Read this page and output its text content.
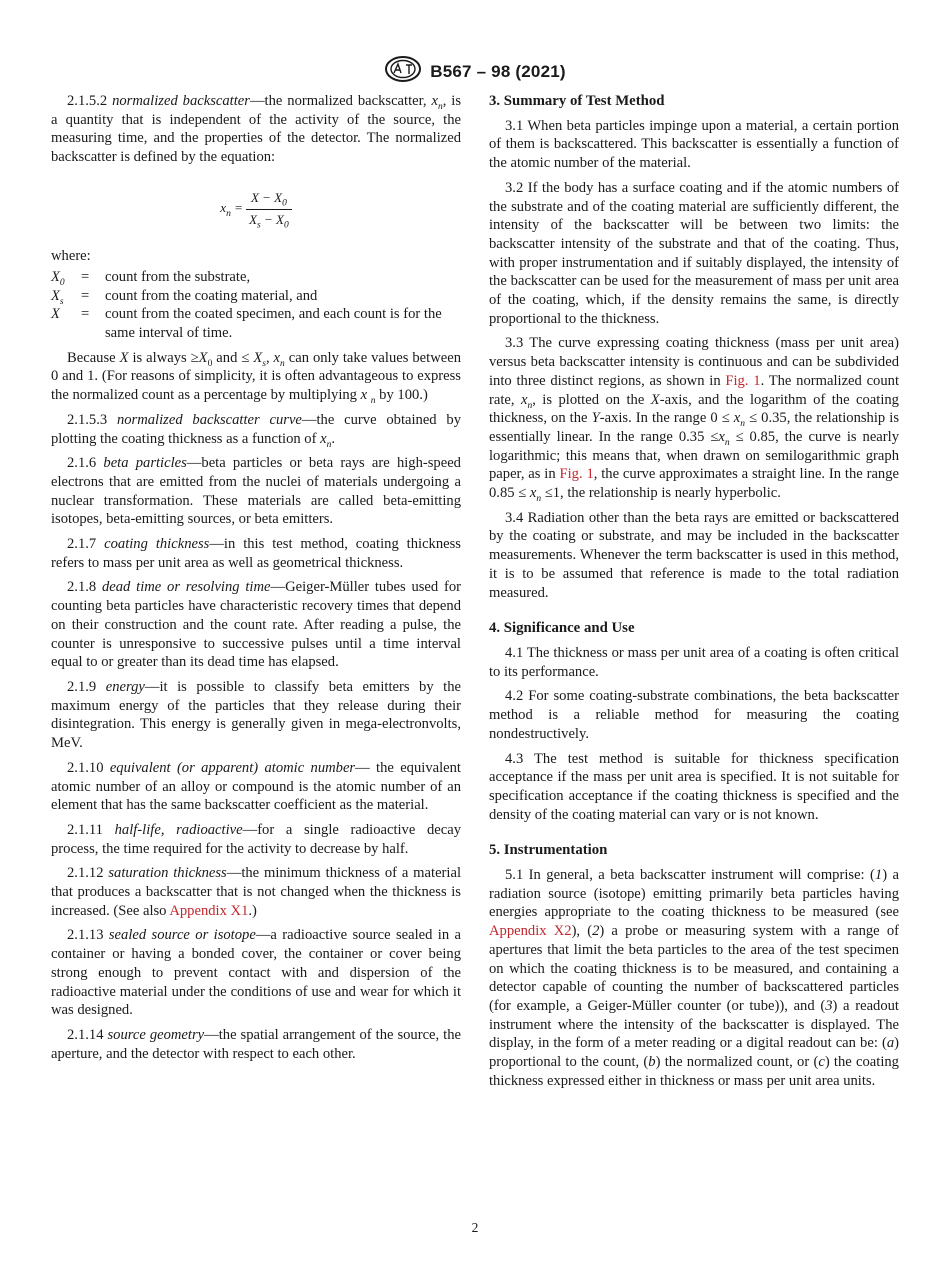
B567 – 98 (2021)

2.1.5.2 normalized backscatter—the normalized backscatter, $x_n$, is a quantity that is independent of the activity of the source, the measuring time, and the properties of the detector. The normalized backscatter is defined by the equation:

$x_n = \frac{X - X_0}{X_s - X_0}$
where:
$X_0$	=	count from the substrate,
$X_s$	=	count from the coating material, and
X	=	count from the coated specimen, and each count is for the same interval of time.

Because X is always $\ge X_0$ and ≤ $X_s$, $x_n$ can only take values between 0 and 1. (For reasons of simplicity, it is often advantageous to express the normalized count as a percentage by multiplying x $_n$ by 100.)

2.1.5.3 normalized backscatter curve—the curve obtained by plotting the coating thickness as a function of $x_n$.

2.1.6 beta particles—beta particles or beta rays are high-speed electrons that are emitted from the nuclei of materials undergoing a nuclear transformation. These materials are called beta-emitting isotopes, beta-emitting sources, or beta emitters.

2.1.7 coating thickness—in this test method, coating thickness refers to mass per unit area as well as geometrical thickness.

2.1.8 dead time or resolving time—Geiger-Müller tubes used for counting beta particles have characteristic recovery times that depend on their construction and the count rate. After reading a pulse, the counter is unresponsive to successive pulses until a time interval equal to or greater than its dead time has elapsed.

2.1.9 energy—it is possible to classify beta emitters by the maximum energy of the particles that they release during their disintegration. This energy is generally given in mega-electronvolts, MeV.

2.1.10 equivalent (or apparent) atomic number— the equivalent atomic number of an alloy or compound is the atomic number of an element that has the same backscatter coefficient as the material.

2.1.11 half-life, radioactive—for a single radioactive decay process, the time required for the activity to decrease by half.

2.1.12 saturation thickness—the minimum thickness of a material that produces a backscatter that is not changed when the thickness is increased. (See also Appendix X1.)

2.1.13 sealed source or isotope—a radioactive source sealed in a container or having a bonded cover, the container or cover being strong enough to prevent contact with and dispersion of the radioactive material under the conditions of use and wear for which it was designed.

2.1.14 source geometry—the spatial arrangement of the source, the aperture, and the detector with respect to each other.

3. Summary of Test Method

3.1 When beta particles impinge upon a material, a certain portion of them is backscattered. This backscatter is essentially a function of the atomic number of the material.

3.2 If the body has a surface coating and if the atomic numbers of the substrate and of the coating material are sufficiently different, the intensity of the backscatter will be between two limits: the backscatter intensity of the substrate and that of the coating. Thus, with proper instrumentation and if suitably displayed, the intensity of the backscatter can be used for the measurement of mass per unit area of the coating, which, if the density remains the same, is directly proportional to the thickness.

3.3 The curve expressing coating thickness (mass per unit area) versus beta backscatter intensity is continuous and can be subdivided into three distinct regions, as shown in Fig. 1. The normalized count rate, $x_n$, is plotted on the X-axis, and the logarithm of the coating thickness, on the Y-axis. In the range $0 \le x_n \le 0.35$, the relationship is essentially linear. In the range $0.35 \le x_n \le 0.85$, the curve is nearly logarithmic; this means that, when drawn on semilogarithmic graph paper, as in Fig. 1, the curve approximates a straight line. In the range $0.85 \le x_n \le 1$, the relationship is nearly hyperbolic.

3.4 Radiation other than the beta rays are emitted or backscattered by the coating or substrate, and may be included in the backscatter measurements. Whenever the term backscatter is used in this method, it is to be assumed that reference is made to the total radiation measured.

4. Significance and Use

4.1 The thickness or mass per unit area of a coating is often critical to its performance.

4.2 For some coating-substrate combinations, the beta backscatter method is a reliable method for measuring the coating nondestructively.

4.3 The test method is suitable for thickness specification acceptance if the mass per unit area is specified. It is not suitable for specification acceptance if the coating thickness is specified and the density of the coating material can vary or is not known.

5. Instrumentation

5.1 In general, a beta backscatter instrument will comprise: (1) a radiation source (isotope) emitting primarily beta particles having energies appropriate to the coating thickness to be measured (see Appendix X2), (2) a probe or measuring system with a range of apertures that limit the beta particles to the area of the test specimen on which the coating thickness is to be measured, and containing a detector capable of counting the number of backscattered particles (for example, a Geiger-Müller counter (or tube)), and (3) a readout instrument where the intensity of the backscatter is displayed. The display, in the form of a meter reading or a digital readout can be: (a) proportional to the count, (b) the normalized count, or (c) the coating thickness expressed either in thickness or mass per unit area units.

2
